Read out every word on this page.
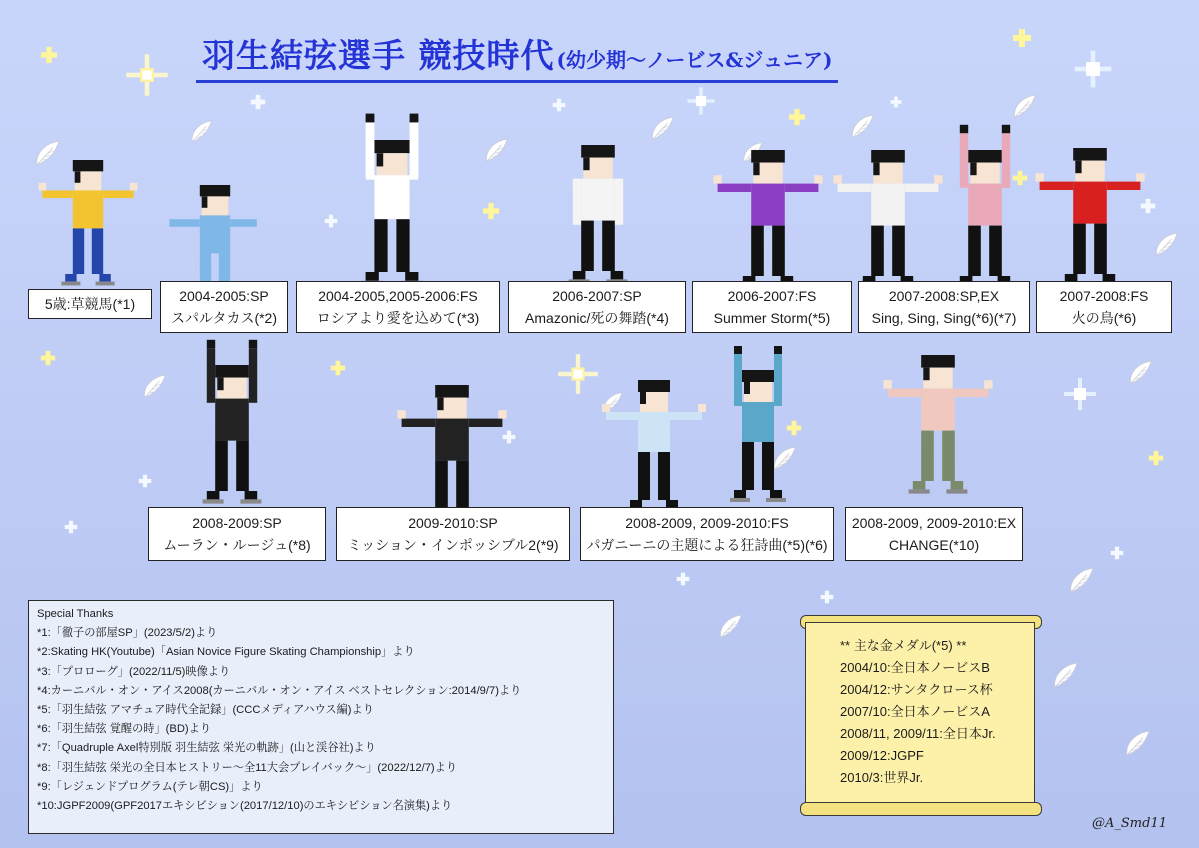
羽生結弦選手 競技時代 (幼少期〜ノービス&ジュニア)
5歳:草競馬(*1)	2004-2005:SP
スパルタカス(*2)
2004-2005,2005-2006:FS
ロシアより愛を込めて(*3)
2006-2007:SP
Amazonic/死の舞踏(*4)
2006-2007:FS
Summer Storm(*5)
2007-2008:SP,EX
Sing, Sing, Sing(*6)(*7)
2007-2008:FS
火の鳥(*6)
2008-2009:SP
ムーラン・ルージュ(*8)
2009-2010:SP
ミッション・インポッシブル2(*9)
2008-2009, 2009-2010:FS
パガニーニの主題による狂詩曲(*5)(*6)
2008-2009, 2009-2010:EX
CHANGE(*10)
Special Thanks
*1:「徹子の部屋SP」(2023/5/2)より
*2:Skating HK(Youtube)「Asian Novice Figure Skating Championship」より
*3:「プロローグ」(2022/11/5)映像より
*4:カーニバル・オン・アイス2008(カーニバル・オン・アイス ベストセレクション:2014/9/7)より
*5:「羽生結弦 アマチュア時代全記録」(CCCメディアハウス編)より
*6:「羽生結弦 覚醒の時」(BD)より
*7:「Quadruple Axel特別版 羽生結弦 栄光の軌跡」(山と渓谷社)より
*8:「羽生結弦 栄光の全日本ヒストリー〜全11大会プレイバック〜」(2022/12/7)より
*9:「レジェンドプログラム(テレ朝CS)」より
*10:JGPF2009(GPF2017エキシビション(2017/12/10)のエキシビション名演集)より
** 主な金メダル(*5) **
2004/10:全日本ノービスB
2004/12:サンタクロース杯
2007/10:全日本ノービスA
2008/11, 2009/11:全日本Jr.
2009/12:JGPF
2010/3:世界Jr.
@A_Smd11
